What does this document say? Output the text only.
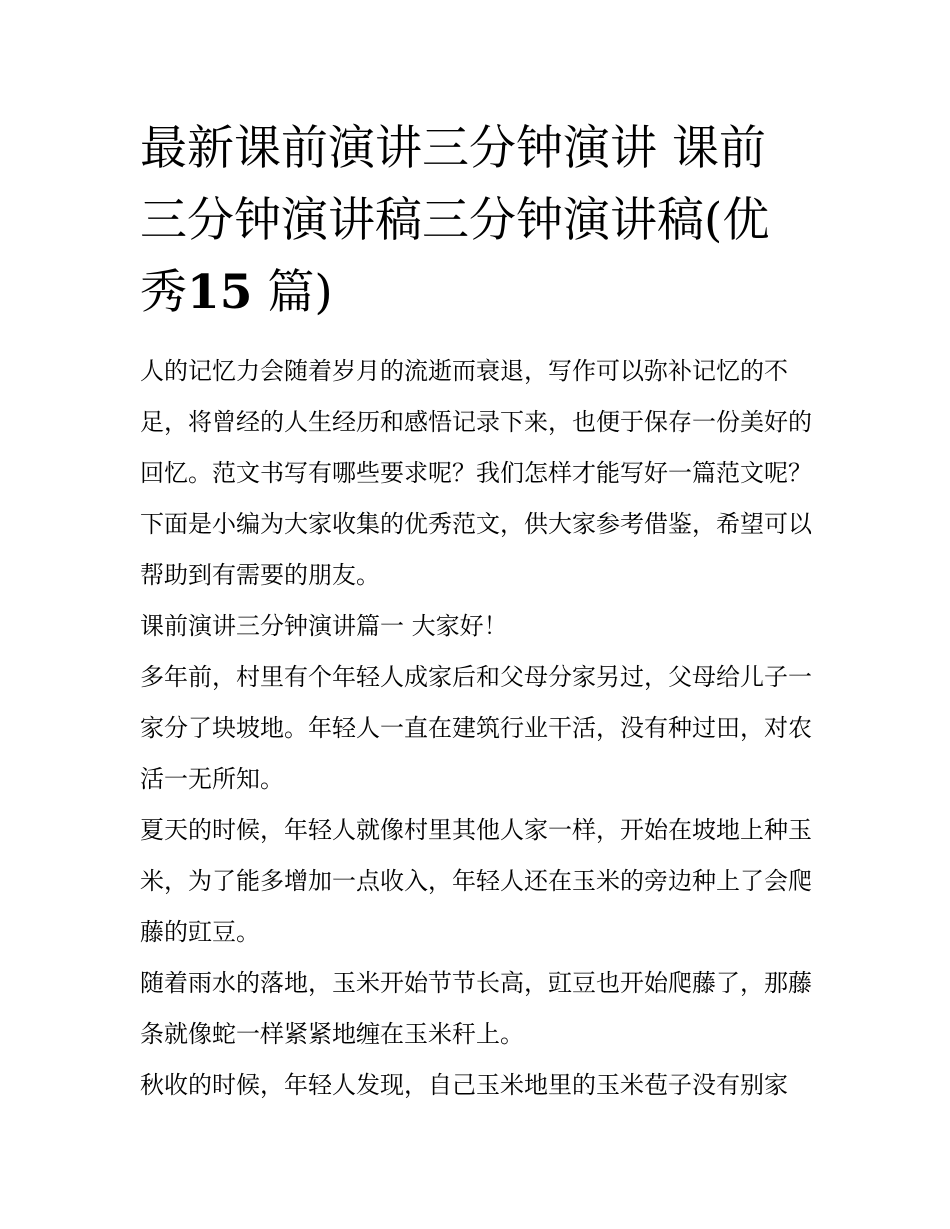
最新课前演讲三分钟演讲 课前三分钟演讲稿三分钟演讲稿(优秀15 篇)

人的记忆力会随着岁月的流逝而衰退，写作可以弥补记忆的不足，将曾经的人生经历和感悟记录下来，也便于保存一份美好的回忆。范文书写有哪些要求呢？我们怎样才能写好一篇范文呢？下面是小编为大家收集的优秀范文，供大家参考借鉴，希望可以帮助到有需要的朋友。

课前演讲三分钟演讲篇一 大家好！

多年前，村里有个年轻人成家后和父母分家另过，父母给儿子一家分了块坡地。年轻人一直在建筑行业干活，没有种过田，对农活一无所知。

夏天的时候，年轻人就像村里其他人家一样，开始在坡地上种玉米，为了能多增加一点收入，年轻人还在玉米的旁边种上了会爬藤的豇豆。

随着雨水的落地，玉米开始节节长高，豇豆也开始爬藤了，那藤条就像蛇一样紧紧地缠在玉米秆上。

秋收的时候，年轻人发现，自己玉米地里的玉米苞子没有别家
